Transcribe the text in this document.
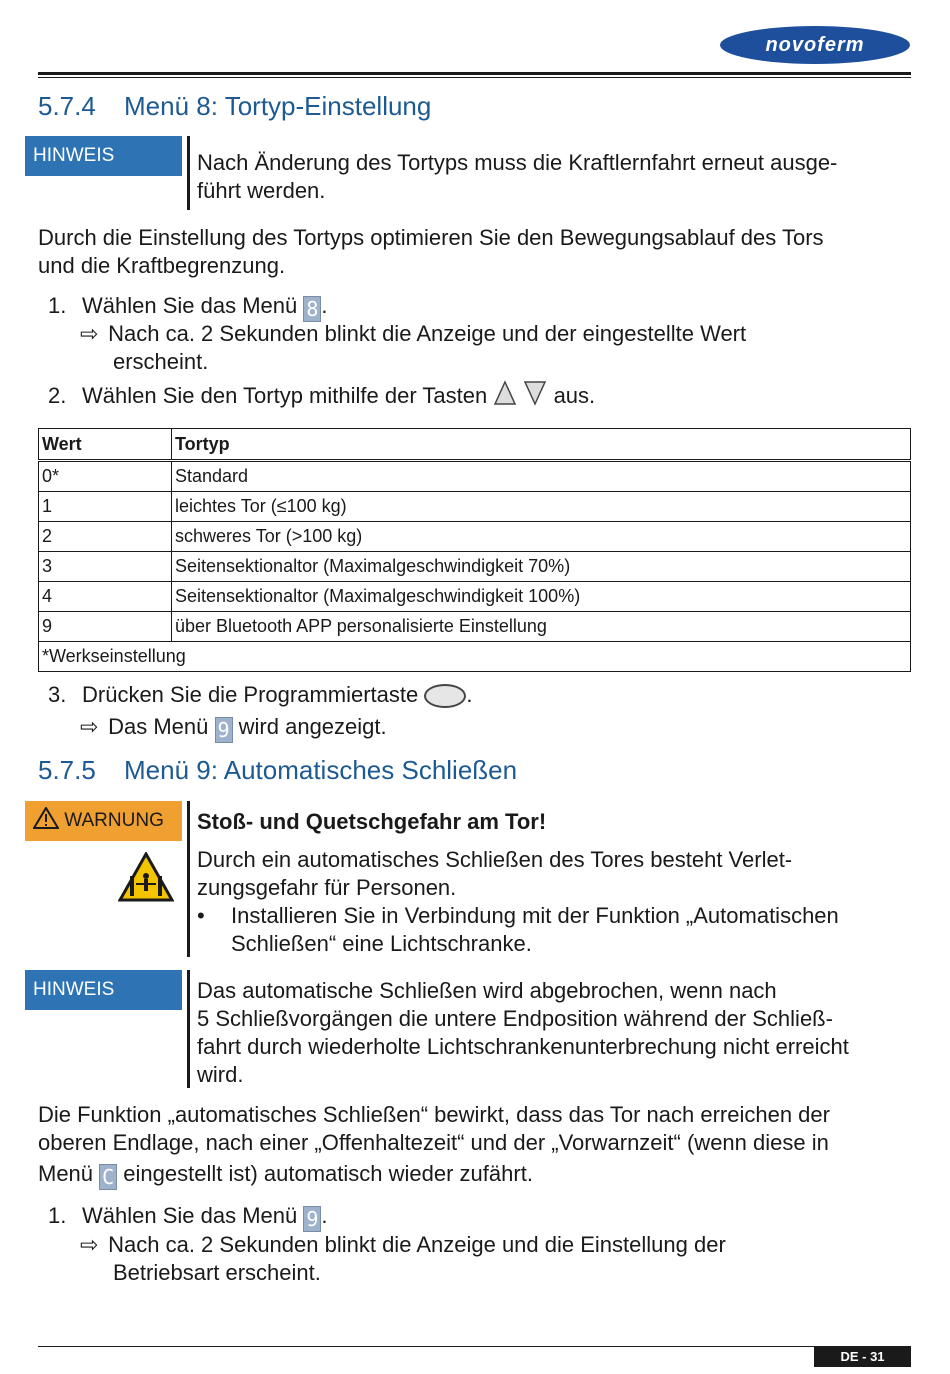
novoferm
5.7.4 Menü 8: Tortyp-Einstellung
HINWEIS	Nach Änderung des Tortyps muss die Kraftlernfahrt erneut ausge-
führt werden.
Durch die Einstellung des Tortyps optimieren Sie den Bewegungsablauf des Tors
und die Kraftbegrenzung.
1. Wählen Sie das Menü 8 .
⇨ Nach ca. 2 Sekunden blinkt die Anzeige und der eingestellte Wert
erscheint.
2. Wählen Sie den Tortyp mithilfe der Tasten	aus.
Wert	Tortyp
0*	Standard
1	leichtes Tor (≤100 kg)
2	schweres Tor (>100 kg)
3	Seitensektionaltor (Maximalgeschwindigkeit 70%)
4	Seitensektionaltor (Maximalgeschwindigkeit 100%)
9	über Bluetooth APP personalisierte Einstellung
*Werkseinstellung	
3. Drücken Sie die Programmiertaste .
⇨ Das Menü 9 wird angezeigt.
5.7.5 Menü 9: Automatisches Schließen
WARNUNG	Stoß- und Quetschgefahr am Tor!
Durch ein automatisches Schließen des Tores besteht Verlet-
zungsgefahr für Personen.
• Installieren Sie in Verbindung mit der Funktion „Automatischen
Schließen“ eine Lichtschranke.
HINWEIS	Das automatische Schließen wird abgebrochen, wenn nach
5 Schließvorgängen die untere Endposition während der Schließ-
fahrt durch wiederholte Lichtschrankenunterbrechung nicht erreicht
wird.
Die Funktion „automatisches Schließen“ bewirkt, dass das Tor nach erreichen der
oberen Endlage, nach einer „Offenhaltezeit“ und der „Vorwarnzeit“ (wenn diese in
Menü C eingestellt ist) automatisch wieder zufährt.
1. Wählen Sie das Menü 9 .
⇨ Nach ca. 2 Sekunden blinkt die Anzeige und die Einstellung der
Betriebsart erscheint.
DE - 31
